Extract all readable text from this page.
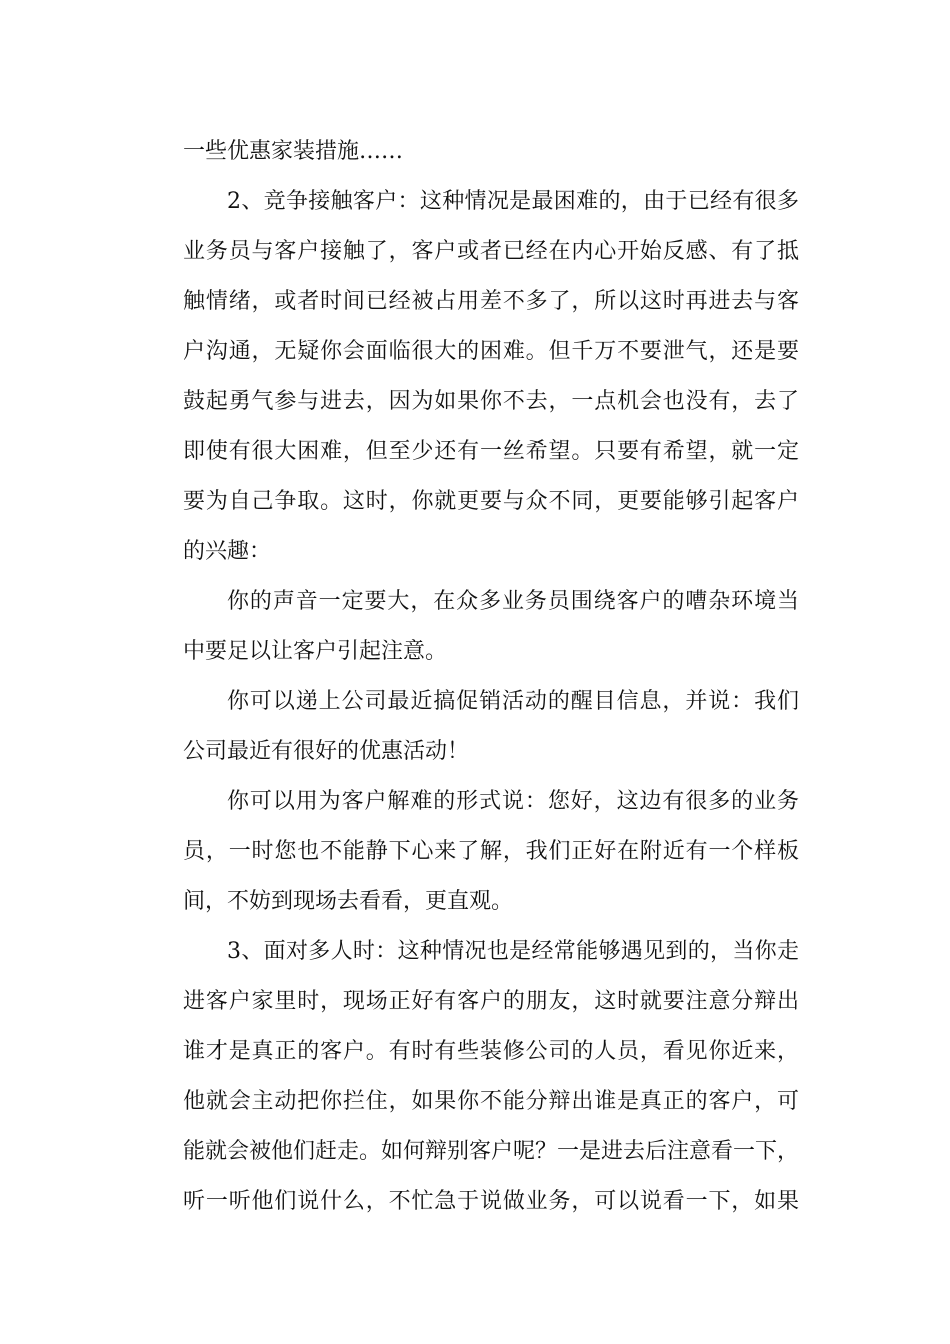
一些优惠家装措施……
2、竞争接触客户：这种情况是最困难的，由于已经有很多
业务员与客户接触了，客户或者已经在内心开始反感、有了抵
触情绪，或者时间已经被占用差不多了，所以这时再进去与客
户沟通，无疑你会面临很大的困难。但千万不要泄气，还是要
鼓起勇气参与进去，因为如果你不去，一点机会也没有，去了
即使有很大困难，但至少还有一丝希望。只要有希望，就一定
要为自己争取。这时，你就更要与众不同，更要能够引起客户
的兴趣：
你的声音一定要大，在众多业务员围绕客户的嘈杂环境当
中要足以让客户引起注意。
你可以递上公司最近搞促销活动的醒目信息，并说：我们
公司最近有很好的优惠活动！
你可以用为客户解难的形式说：您好，这边有很多的业务
员，一时您也不能静下心来了解，我们正好在附近有一个样板
间，不妨到现场去看看，更直观。
3、面对多人时：这种情况也是经常能够遇见到的，当你走
进客户家里时，现场正好有客户的朋友，这时就要注意分辩出
谁才是真正的客户。有时有些装修公司的人员，看见你近来，
他就会主动把你拦住，如果你不能分辩出谁是真正的客户，可
能就会被他们赶走。如何辩别客户呢？一是进去后注意看一下，
听一听他们说什么，不忙急于说做业务，可以说看一下，如果
